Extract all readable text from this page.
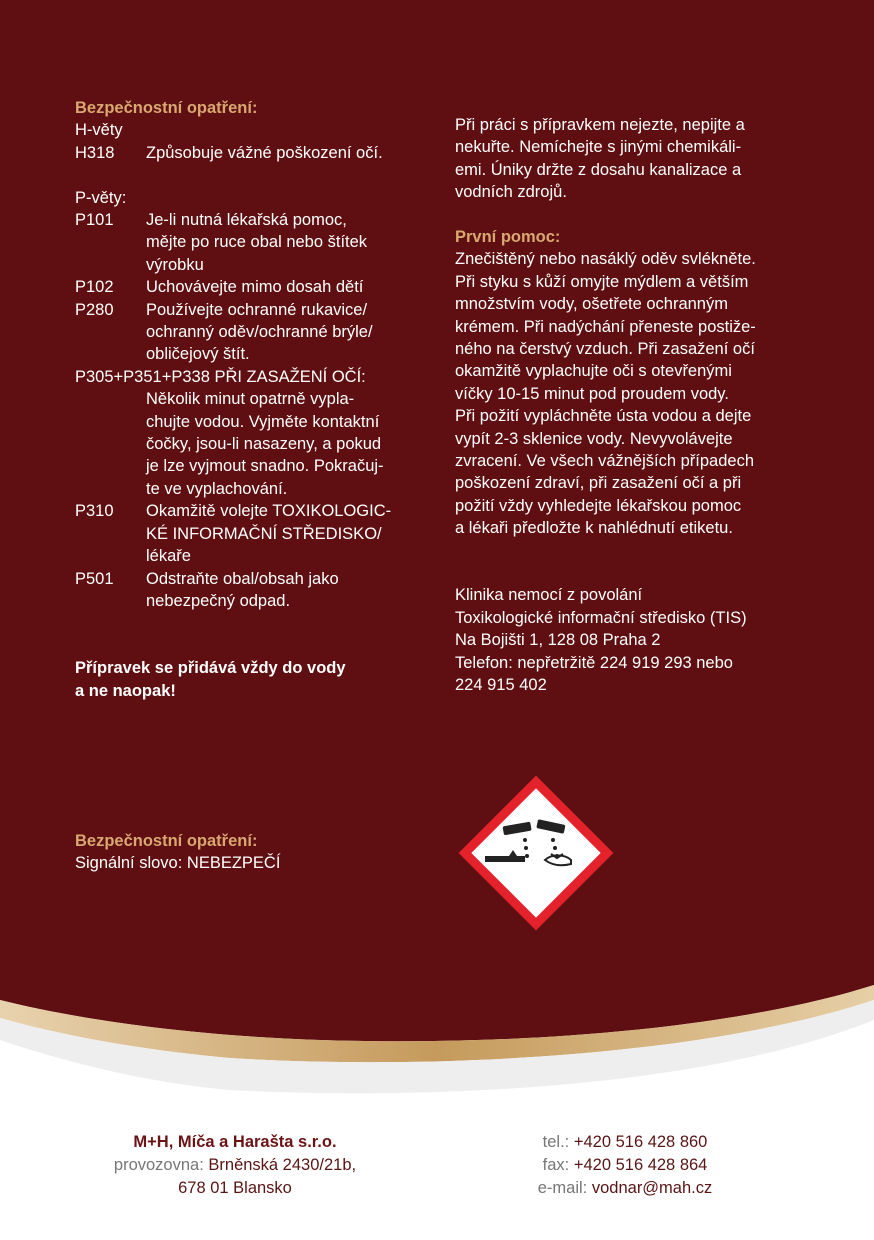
Bezpečnostní opatření:
H-věty
H318	Způsobuje vážné poškození očí.
P-věty:
P101	Je-li nutná lékařská pomoc,
mějte po ruce obal nebo štítek
výrobku
P102	Uchovávejte mimo dosah dětí
P280	Používejte ochranné rukavice/
ochranný oděv/ochranné brýle/
obličejový štít.
P305+P351+P338 PŘI ZASAŽENÍ OČÍ:
Několik minut opatrně vypla-
chujte vodou. Vyjměte kontaktní
čočky, jsou-li nasazeny, a pokud
je lze vyjmout snadno. Pokračuj-
te ve vyplachování.
P310	Okamžitě volejte TOXIKOLOGIC-
KÉ INFORMAČNÍ STŘEDISKO/
lékaře
P501	Odstraňte obal/obsah jako
nebezpečný odpad.
Přípravek se přidává vždy do vody
a ne naopak!
Při práci s přípravkem nejezte, nepijte a
nekuřte. Nemíchejte s jinými chemikáli-
emi. Úniky držte z dosahu kanalizace a
vodních zdrojů.
První pomoc:
Znečištěný nebo nasáklý oděv svlékněte.
Při styku s kůží omyjte mýdlem a větším
množstvím vody, ošetřete ochranným
krémem. Při nadýchání přeneste postiže-
ného na čerstvý vzduch. Při zasažení očí
okamžitě vyplachujte oči s otevřenými
víčky 10-15 minut pod proudem vody.
Při požití vypláchněte ústa vodou a dejte
vypít 2-3 sklenice vody. Nevyvolávejte
zvracení. Ve všech vážnějších případech
poškození zdraví, při zasažení očí a při
požití vždy vyhledejte lékařskou pomoc
a lékaři předložte k nahlédnutí etiketu.
Klinika nemocí z povolání
Toxikologické informační středisko (TIS)
Na Bojišti 1, 128 08 Praha 2
Telefon: nepřetržitě 224 919 293 nebo
224 915 402
Bezpečnostní opatření:
Signální slovo: NEBEZPEČÍ
M+H, Míča a Harašta s.r.o.
provozovna: Brněnská 2430/21b,
678 01 Blansko
tel.: +420 516 428 860
fax: +420 516 428 864
e-mail: vodnar@mah.cz
